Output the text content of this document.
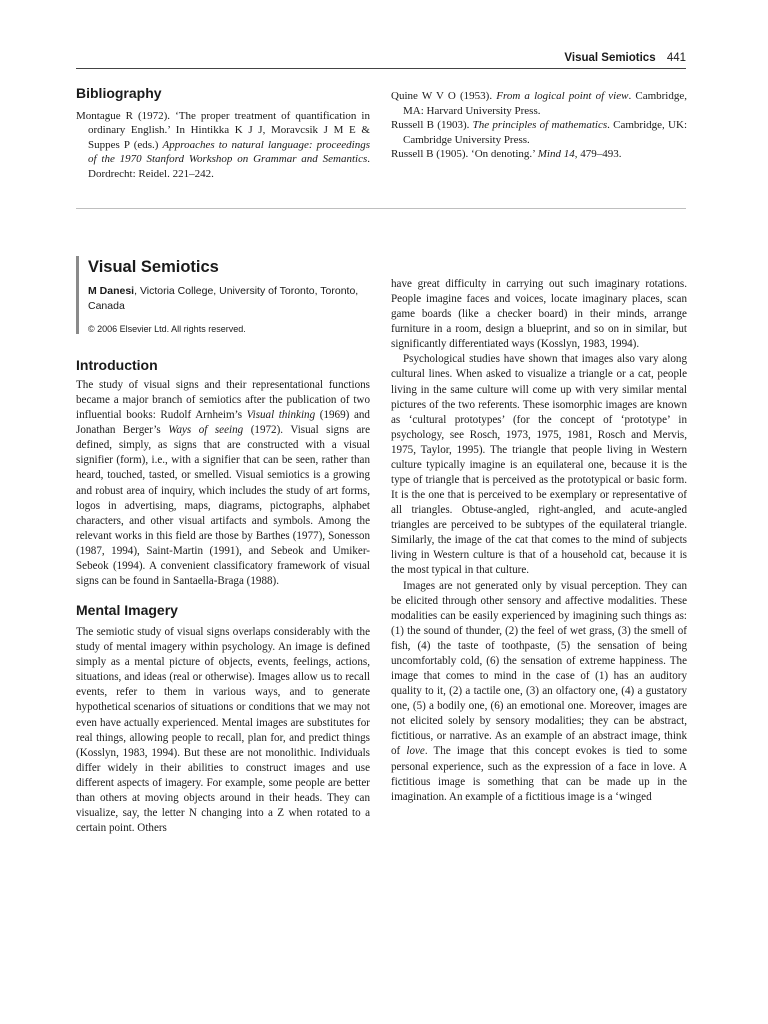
Visual Semiotics 441
Bibliography

Montague R (1972). ‘The proper treatment of quantification in ordinary English.’ In Hintikka K J J, Moravcsik J M E & Suppes P (eds.) Approaches to natural language: proceedings of the 1970 Stanford Workshop on Grammar and Semantics. Dordrecht: Reidel. 221–242.

Quine W V O (1953). From a logical point of view. Cambridge, MA: Harvard University Press.

Russell B (1903). The principles of mathematics. Cambridge, UK: Cambridge University Press.

Russell B (1905). ‘On denoting.’ Mind 14, 479–493.

Visual Semiotics

M Danesi, Victoria College, University of Toronto, Toronto, Canada

© 2006 Elsevier Ltd. All rights reserved.

Introduction

The study of visual signs and their representational functions became a major branch of semiotics after the publication of two influential books: Rudolf Arnheim’s Visual thinking (1969) and Jonathan Berger’s Ways of seeing (1972). Visual signs are defined, simply, as signs that are constructed with a visual signifier (form), i.e., with a signifier that can be seen, rather than heard, touched, tasted, or smelled. Visual semiotics is a growing and robust area of inquiry, which includes the study of art forms, logos in advertising, maps, diagrams, pictographs, alphabet characters, and other visual artifacts and symbols. Among the relevant works in this field are those by Barthes (1977), Sonesson (1987, 1994), Saint-Martin (1991), and Sebeok and Umiker-Sebeok (1994). A convenient classificatory framework of visual signs can be found in Santaella-Braga (1988).

Mental Imagery

The semiotic study of visual signs overlaps considerably with the study of mental imagery within psychology. An image is defined simply as a mental picture of objects, events, feelings, actions, situations, and ideas (real or otherwise). Images allow us to recall events, refer to them in various ways, and to generate hypothetical scenarios of situations or conditions that we may not even have actually experienced. Mental images are substitutes for real things, allowing people to recall, plan for, and predict things (Kosslyn, 1983, 1994). But these are not monolithic. Individuals differ widely in their abilities to construct images and use different aspects of imagery. For example, some people are better than others at moving objects around in their heads. They can visualize, say, the letter N changing into a Z when rotated to a certain point. Others

have great difficulty in carrying out such imaginary rotations. People imagine faces and voices, locate imaginary places, scan game boards (like a checker board) in their minds, arrange furniture in a room, design a blueprint, and so on in similar, but significantly differentiated ways (Kosslyn, 1983, 1994).

Psychological studies have shown that images also vary along cultural lines. When asked to visualize a triangle or a cat, people living in the same culture will come up with very similar mental pictures of the two referents. These isomorphic images are known as ‘cultural prototypes’ (for the concept of ‘prototype’ in psychology, see Rosch, 1973, 1975, 1981, Rosch and Mervis, 1975, Taylor, 1995). The triangle that people living in Western culture typically imagine is an equilateral one, because it is the type of triangle that is perceived as the prototypical or basic form. It is the one that is perceived to be exemplary or representative of all triangles. Obtuse-angled, right-angled, and acute-angled triangles are perceived to be subtypes of the equilateral triangle. Similarly, the image of the cat that comes to the mind of subjects living in Western culture is that of a household cat, because it is the most typical in that culture.

Images are not generated only by visual perception. They can be elicited through other sensory and affective modalities. These modalities can be easily experienced by imagining such things as: (1) the sound of thunder, (2) the feel of wet grass, (3) the smell of fish, (4) the taste of toothpaste, (5) the sensation of being uncomfortably cold, (6) the sensation of extreme happiness. The image that comes to mind in the case of (1) has an auditory quality to it, (2) a tactile one, (3) an olfactory one, (4) a gustatory one, (5) a bodily one, (6) an emotional one. Moreover, images are not elicited solely by sensory modalities; they can be abstract, fictitious, or narrative. As an example of an abstract image, think of love. The image that this concept evokes is tied to some personal experience, such as the expression of a face in love. A fictitious image is something that can be made up in the imagination. An example of a fictitious image is a ‘winged
